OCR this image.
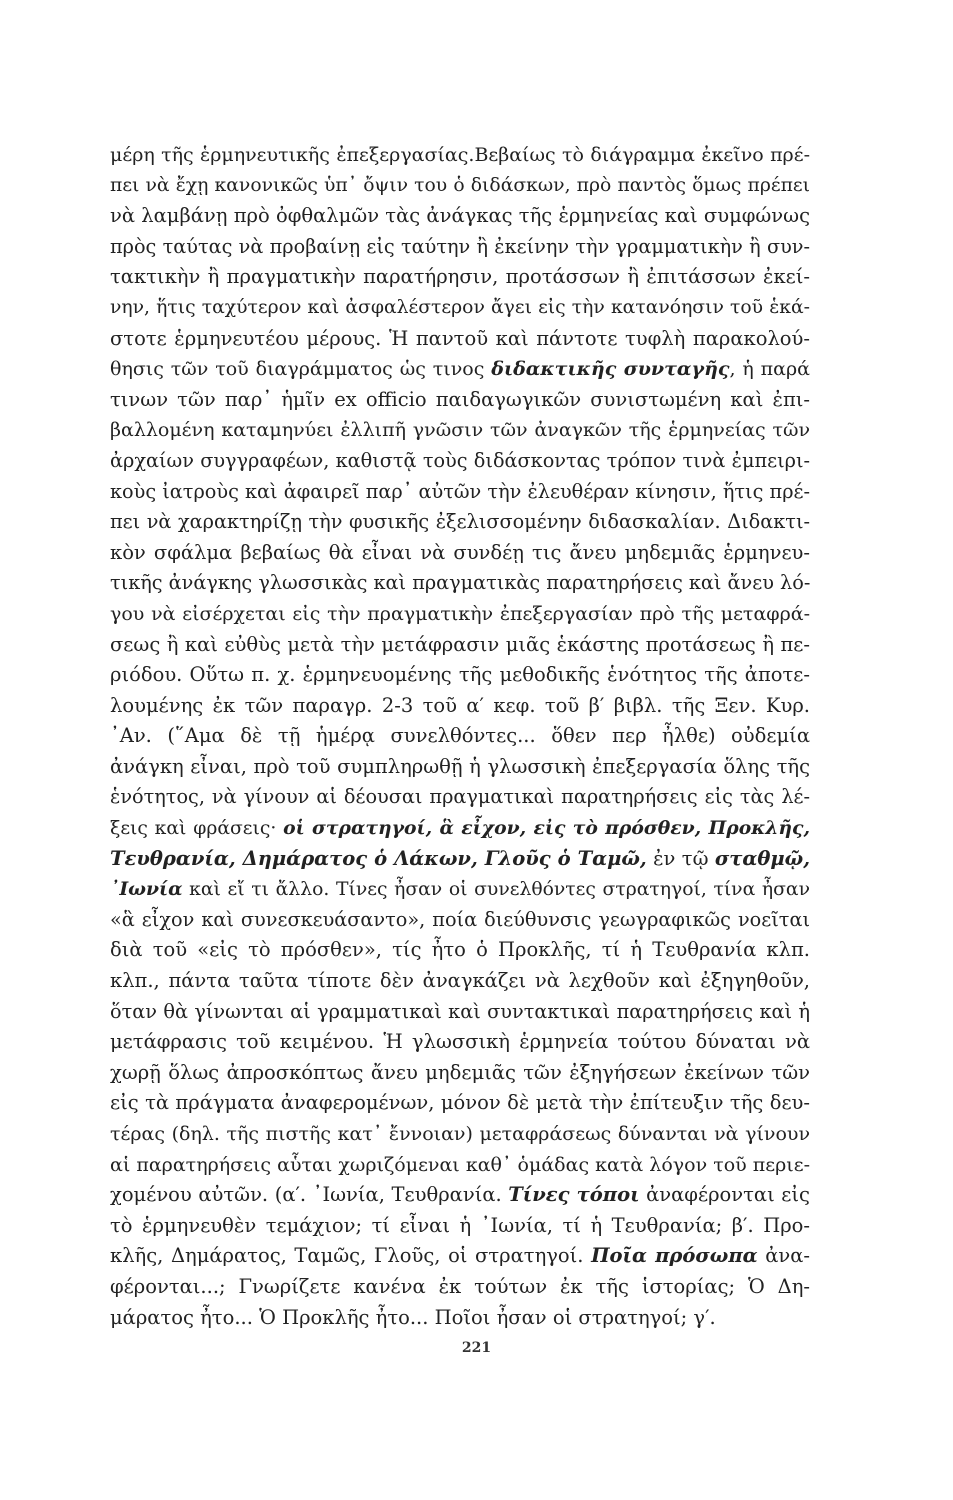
μέρη τῆς ἑρμηνευτικῆς ἐπεξεργασίας.Βεβαίως τὸ διάγραμμα ἐκεῖνο πρέ-
πει νὰ ἔχῃ κανονικῶς ὑπ᾽ ὄψιν του ὁ διδάσκων, πρὸ παντὸς ὅμως πρέπει
νὰ λαμβάνῃ πρὸ ὀφθαλμῶν τὰς ἀνάγκας τῆς ἑρμηνείας καὶ συμφώνως
πρὸς ταύτας νὰ προβαίνῃ εἰς ταύτην ἢ ἐκείνην τὴν γραμματικὴν ἢ συν-
τακτικὴν ἢ πραγματικὴν παρατήρησιν, προτάσσων ἢ ἐπιτάσσων ἐκεί-
νην, ἥτις ταχύτερον καὶ ἀσφαλέστερον ἄγει εἰς τὴν κατανόησιν τοῦ ἑκά-
στοτε ἑρμηνευτέου μέρους. Ἡ παντοῦ καὶ πάντοτε τυφλὴ παρακολού-
θησις τῶν τοῦ διαγράμματος ὡς τινος διδακτικῆς συνταγῆς, ἡ παρά
τινων τῶν παρ᾽ ἡμῖν ex officio παιδαγωγικῶν συνιστωμένη καὶ ἐπι-
βαλλομένη καταμηνύει ἐλλιπῆ γνῶσιν τῶν ἀναγκῶν τῆς ἑρμηνείας τῶν
ἀρχαίων συγγραφέων, καθιστᾷ τοὺς διδάσκοντας τρόπον τινὰ ἐμπειρι-
κοὺς ἰατροὺς καὶ ἀφαιρεῖ παρ᾽ αὐτῶν τὴν ἐλευθέραν κίνησιν, ἥτις πρέ-
πει νὰ χαρακτηρίζῃ τὴν φυσικῆς ἐξελισσομένην διδασκαλίαν. Διδακτι-
κὸν σφάλμα βεβαίως θὰ εἶναι νὰ συνδέῃ τις ἄνευ μηδεμιᾶς ἑρμηνευ-
τικῆς ἀνάγκης γλωσσικὰς καὶ πραγματικὰς παρατηρήσεις καὶ ἄνευ λό-
γου νὰ εἰσέρχεται εἰς τὴν πραγματικὴν ἐπεξεργασίαν πρὸ τῆς μεταφρά-
σεως ἢ καὶ εὐθὺς μετὰ τὴν μετάφρασιν μιᾶς ἑκάστης προτάσεως ἢ πε-
ριόδου. Οὕτω π. χ. ἑρμηνευομένης τῆς μεθοδικῆς ἑνότητος τῆς ἀποτε-
λουμένης ἐκ τῶν παραγρ. 2-3 τοῦ α′ κεφ. τοῦ β′ βιβλ. τῆς Ξεν. Κυρ.
᾿Αν. (῞Αμα δὲ τῇ ἡμέρᾳ συνελθόντες... ὅθεν περ ἦλθε) οὐδεμία
ἀνάγκη εἶναι, πρὸ τοῦ συμπληρωθῇ ἡ γλωσσικὴ ἐπεξεργασία ὅλης τῆς
ἑνότητος, νὰ γίνουν αἱ δέουσαι πραγματικαὶ παρατηρήσεις εἰς τὰς λέ-
ξεις καὶ φράσεις· οἱ στρατηγοί, ἃ εἶχον, εἰς τὸ πρόσθεν, Προκλῆς,
Τευθρανία, Δημάρατος ὁ Λάκων, Γλοῦς ὁ Ταμῶ, ἐν τῷ σταθμῷ,
᾿Ιωνία καὶ εἴ τι ἄλλο. Τίνες ἦσαν οἱ συνελθόντες στρατηγοί, τίνα ἦσαν
«ἃ εἶχον καὶ συνεσκευάσαντο», ποία διεύθυνσις γεωγραφικῶς νοεῖται
διὰ τοῦ «εἰς τὸ πρόσθεν», τίς ἦτο ὁ Προκλῆς, τί ἡ Τευθρανία κλπ.
κλπ., πάντα ταῦτα τίποτε δὲν ἀναγκάζει νὰ λεχθοῦν καὶ ἐξηγηθοῦν,
ὅταν θὰ γίνωνται αἱ γραμματικαὶ καὶ συντακτικαὶ παρατηρήσεις καὶ ἡ
μετάφρασις τοῦ κειμένου. Ἡ γλωσσικὴ ἑρμηνεία τούτου δύναται νὰ
χωρῇ ὅλως ἀπροσκόπτως ἄνευ μηδεμιᾶς τῶν ἐξηγήσεων ἐκείνων τῶν
εἰς τὰ πράγματα ἀναφερομένων, μόνον δὲ μετὰ τὴν ἐπίτευξιν τῆς δευ-
τέρας (δηλ. τῆς πιστῆς κατ᾽ ἔννοιαν) μεταφράσεως δύνανται νὰ γίνουν
αἱ παρατηρήσεις αὗται χωριζόμεναι καθ᾽ ὁμάδας κατὰ λόγον τοῦ περιε-
χομένου αὐτῶν. (α′. ᾿Ιωνία, Τευθρανία. Τίνες τόποι ἀναφέρονται εἰς
τὸ ἑρμηνευθὲν τεμάχιον; τί εἶναι ἡ ᾿Ιωνία, τί ἡ Τευθρανία; β′. Προ-
κλῆς, Δημάρατος, Ταμῶς, Γλοῦς, οἱ στρατηγοί. Ποῖα πρόσωπα ἀνα-
φέρονται...; Γνωρίζετε κανένα ἐκ τούτων ἐκ τῆς ἱστορίας; Ὁ Δη-
μάρατος ἦτο... Ὁ Προκλῆς ἦτο... Ποῖοι ἦσαν οἱ στρατηγοί; γ′.
221
